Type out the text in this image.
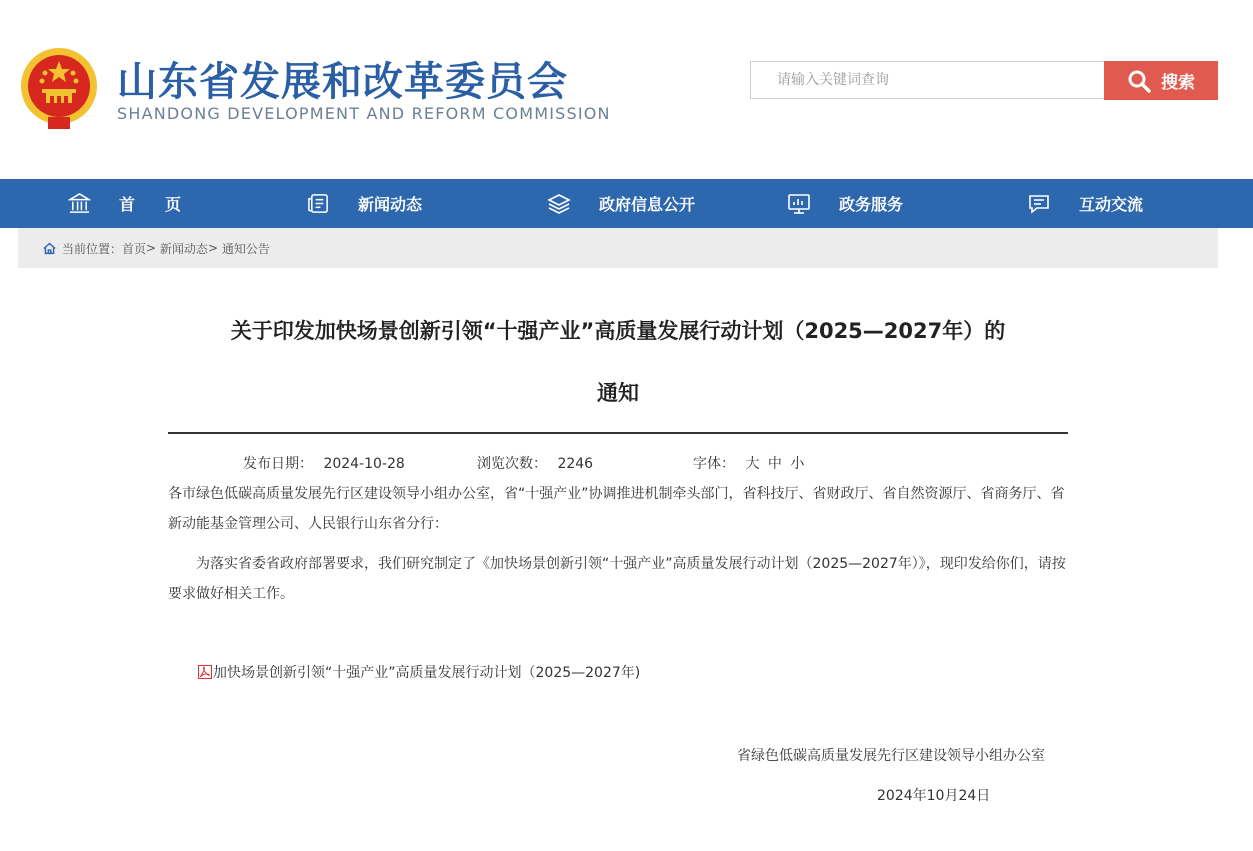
山东省发展和改革委员会
SHANDONG DEVELOPMENT AND REFORM COMMISSION
请输入关键词查询
搜索
首页	新闻动态	政府信息公开	政务服务	互动交流
当前位置： 首页 >
新闻动态 >
通知公告
关于印发加快场景创新引领“十强产业”高质量发展行动计划（2025—2027年）的
通知
发布日期： 2024-10-28	浏览次数： 2246	字体： 大 中 小
各市绿色低碳高质量发展先行区建设领导小组办公室，省“十强产业”协调推进机制牵头部门，省科技厅、省财政厅、省自然资源厅、省商务厅、省新动能基金管理公司、人民银行山东省分行：
为落实省委省政府部署要求，我们研究制定了《加快场景创新引领“十强产业”高质量发展行动计划（2025—2027年）》，现印发给你们，请按要求做好相关工作。
加快场景创新引领“十强产业”高质量发展行动计划（2025—2027年)
省绿色低碳高质量发展先行区建设领导小组办公室
2024年10月24日
